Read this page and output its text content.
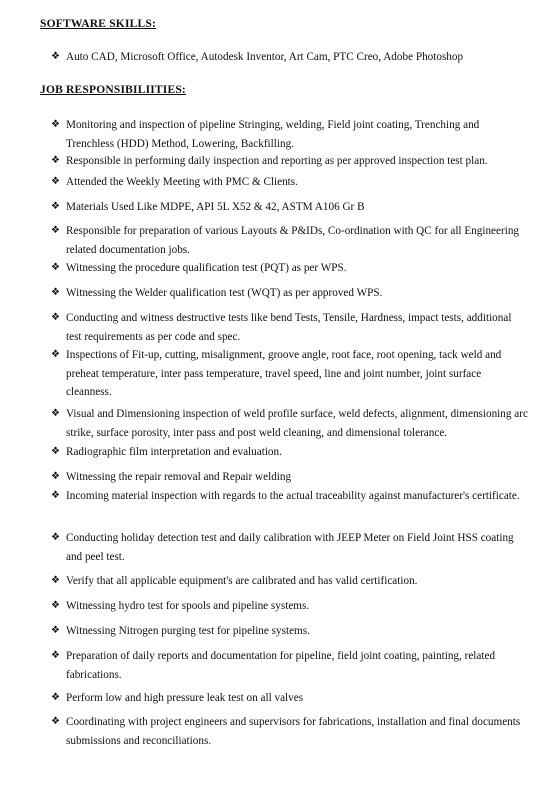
SOFTWARE SKILLS:
❖ Auto CAD, Microsoft Office, Autodesk Inventor, Art Cam, PTC Creo, Adobe Photoshop
JOB RESPONSIBILIITIES:
❖ Monitoring and inspection of pipeline Stringing, welding, Field joint coating, Trenching and Trenchless (HDD) Method, Lowering, Backfilling.
❖ Responsible in performing daily inspection and reporting as per approved inspection test plan.
❖ Attended the Weekly Meeting with PMC & Clients.
❖ Materials Used Like MDPE, API 5L X52 & 42, ASTM A106 Gr B
❖ Responsible for preparation of various Layouts & P&IDs, Co-ordination with QC for all Engineering related documentation jobs.
❖ Witnessing the procedure qualification test (PQT) as per WPS.
❖ Witnessing the Welder qualification test (WQT) as per approved WPS.
❖ Conducting and witness destructive tests like bend Tests, Tensile, Hardness, impact tests, additional test requirements as per code and spec.
❖ Inspections of Fit-up, cutting, misalignment, groove angle, root face, root opening, tack weld and preheat temperature, inter pass temperature, travel speed, line and joint number, joint surface cleanness.
❖ Visual and Dimensioning inspection of weld profile surface, weld defects, alignment, dimensioning arc strike, surface porosity, inter pass and post weld cleaning, and dimensional tolerance.
❖ Radiographic film interpretation and evaluation.
❖ Witnessing the repair removal and Repair welding
❖ Incoming material inspection with regards to the actual traceability against manufacturer's certificate.
❖ Conducting holiday detection test and daily calibration with JEEP Meter on Field Joint HSS coating and peel test.
❖ Verify that all applicable equipment's are calibrated and has valid certification.
❖ Witnessing hydro test for spools and pipeline systems.
❖ Witnessing Nitrogen purging test for pipeline systems.
❖ Preparation of daily reports and documentation for pipeline, field joint coating, painting, related fabrications.
❖ Perform low and high pressure leak test on all valves
❖ Coordinating with project engineers and supervisors for fabrications, installation and final documents submissions and reconciliations.
